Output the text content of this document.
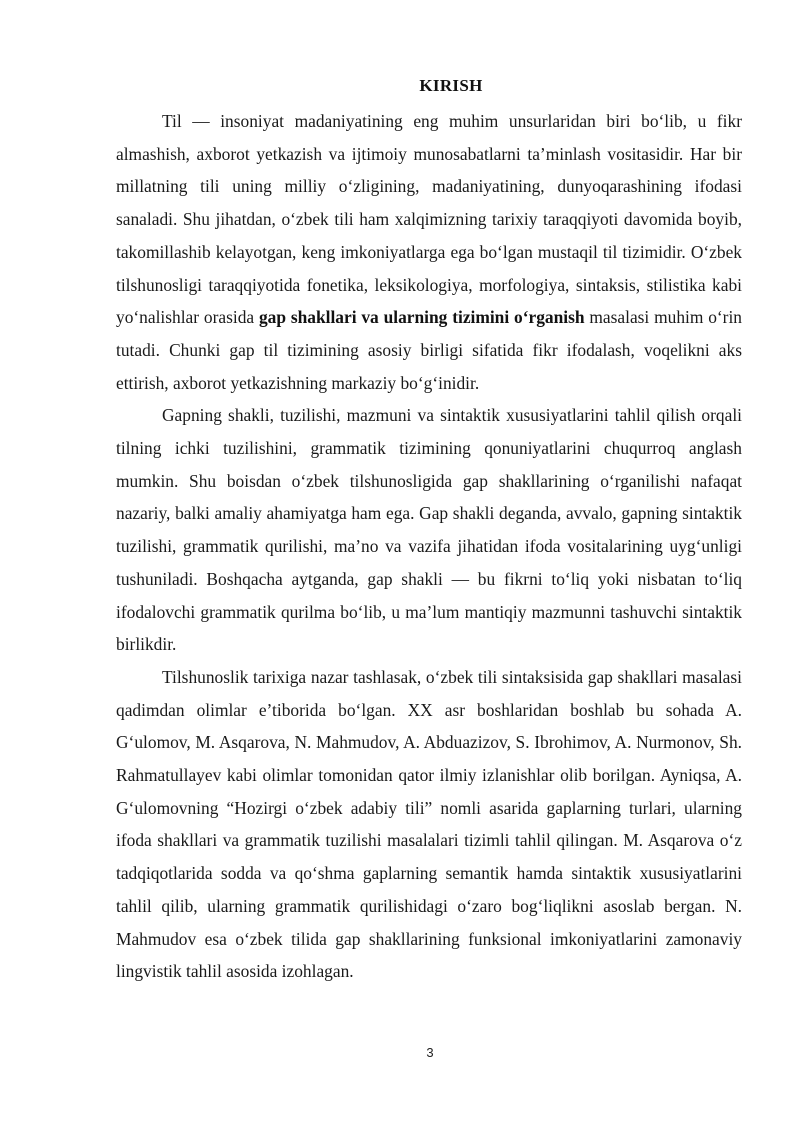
KIRISH

Til — insoniyat madaniyatining eng muhim unsurlaridan biri bo‘lib, u fikr almashish, axborot yetkazish va ijtimoiy munosabatlarni ta’minlash vositasidir. Har bir millatning tili uning milliy o‘zligining, madaniyatining, dunyoqarashining ifodasi sanaladi. Shu jihatdan, o‘zbek tili ham xalqimizning tarixiy taraqqiyoti davomida boyib, takomillashib kelayotgan, keng imkoniyatlarga ega bo‘lgan mustaqil til tizimidir. O‘zbek tilshunosligi taraqqiyotida fonetika, leksikologiya, morfologiya, sintaksis, stilistika kabi yo‘nalishlar orasida gap shakllari va ularning tizimini o‘rganish masalasi muhim o‘rin tutadi. Chunki gap til tizimining asosiy birligi sifatida fikr ifodalash, voqelikni aks ettirish, axborot yetkazishning markaziy bo‘g‘inidir.

Gapning shakli, tuzilishi, mazmuni va sintaktik xususiyatlarini tahlil qilish orqali tilning ichki tuzilishini, grammatik tizimining qonuniyatlarini chuqurroq anglash mumkin. Shu boisdan o‘zbek tilshunosligida gap shakllarining o‘rganilishi nafaqat nazariy, balki amaliy ahamiyatga ham ega. Gap shakli deganda, avvalo, gapning sintaktik tuzilishi, grammatik qurilishi, ma’no va vazifa jihatidan ifoda vositalarining uyg‘unligi tushuniladi. Boshqacha aytganda, gap shakli — bu fikrni to‘liq yoki nisbatan to‘liq ifodalovchi grammatik qurilma bo‘lib, u ma’lum mantiqiy mazmunni tashuvchi sintaktik birlikdir.

Tilshunoslik tarixiga nazar tashlasak, o‘zbek tili sintaksisida gap shakllari masalasi qadimdan olimlar e’tiborida bo‘lgan. XX asr boshlaridan boshlab bu sohada A. G‘ulomov, M. Asqarova, N. Mahmudov, A. Abduazizov, S. Ibrohimov, A. Nurmonov, Sh. Rahmatullayev kabi olimlar tomonidan qator ilmiy izlanishlar olib borilgan. Ayniqsa, A. G‘ulomovning “Hozirgi o‘zbek adabiy tili” nomli asarida gaplarning turlari, ularning ifoda shakllari va grammatik tuzilishi masalalari tizimli tahlil qilingan. M. Asqarova o‘z tadqiqotlarida sodda va qo‘shma gaplarning semantik hamda sintaktik xususiyatlarini tahlil qilib, ularning grammatik qurilishidagi o‘zaro bog‘liqlikni asoslab bergan. N. Mahmudov esa o‘zbek tilida gap shakllarining funksional imkoniyatlarini zamonaviy lingvistik tahlil asosida izohlagan.

3
